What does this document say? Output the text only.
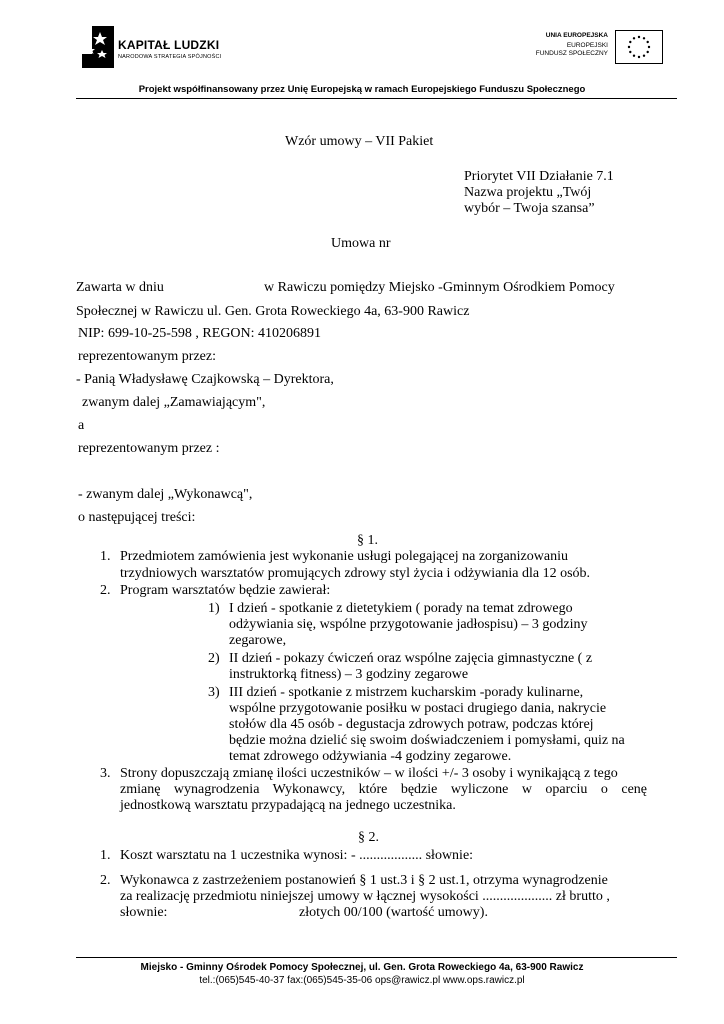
KAPITAŁ LUDZKI
NARODOWA STRATEGIA SPÓJNOŚCI
UNIA EUROPEJSKA
EUROPEJSKI
FUNDUSZ SPOŁECZNY
Projekt współfinansowany przez Unię Europejską w ramach Europejskiego Funduszu Społecznego
Wzór umowy – VII Pakiet
Priorytet VII Działanie 7.1
Nazwa projektu „Twój
wybór – Twoja szansa”
Umowa nr
Zawarta w dniu	w Rawiczu pomiędzy Miejsko -Gminnym Ośrodkiem Pomocy
Społecznej w Rawiczu ul. Gen. Grota Roweckiego 4a, 63-900 Rawicz
NIP: 699-10-25-598 , REGON: 410206891
reprezentowanym przez:
- Panią Władysławę Czajkowską – Dyrektora,
zwanym dalej „Zamawiającym",
a
reprezentowanym przez :
- zwanym dalej „Wykonawcą",
o następującej treści:
§ 1.
1. Przedmiotem zamówienia jest wykonanie usługi polegającej na zorganizowaniu
trzydniowych warsztatów promujących zdrowy styl życia i odżywiania dla 12 osób.
2. Program warsztatów będzie zawierał:
1) I dzień - spotkanie z dietetykiem ( porady na temat zdrowego
odżywiania się, wspólne przygotowanie jadłospisu) – 3 godziny
zegarowe,
2) II dzień - pokazy ćwiczeń oraz wspólne zajęcia gimnastyczne ( z
instruktorką fitness) – 3 godziny zegarowe
3) III dzień - spotkanie z mistrzem kucharskim -porady kulinarne,
wspólne przygotowanie posiłku w postaci drugiego dania, nakrycie
stołów dla 45 osób - degustacja zdrowych potraw, podczas której
będzie można dzielić się swoim doświadczeniem i pomysłami, quiz na
temat zdrowego odżywiania -4 godziny zegarowe.
3. Strony dopuszczają zmianę ilości uczestników – w ilości +/- 3 osoby i wynikającą z tego
zmianę wynagrodzenia Wykonawcy, które będzie wyliczone w oparciu o cenę
jednostkową warsztatu przypadającą na jednego uczestnika.
§ 2.
1. Koszt warsztatu na 1 uczestnika wynosi: - .................. słownie:
2. Wykonawca z zastrzeżeniem postanowień § 1 ust.3 i § 2 ust.1, otrzyma wynagrodzenie
za realizację przedmiotu niniejszej umowy w łącznej wysokości .................... zł brutto ,
słownie:	złotych 00/100 (wartość umowy).
Miejsko - Gminny Ośrodek Pomocy Społecznej, ul. Gen. Grota Roweckiego 4a, 63-900 Rawicz
tel.:(065)545-40-37 fax:(065)545-35-06 ops@rawicz.pl www.ops.rawicz.pl
